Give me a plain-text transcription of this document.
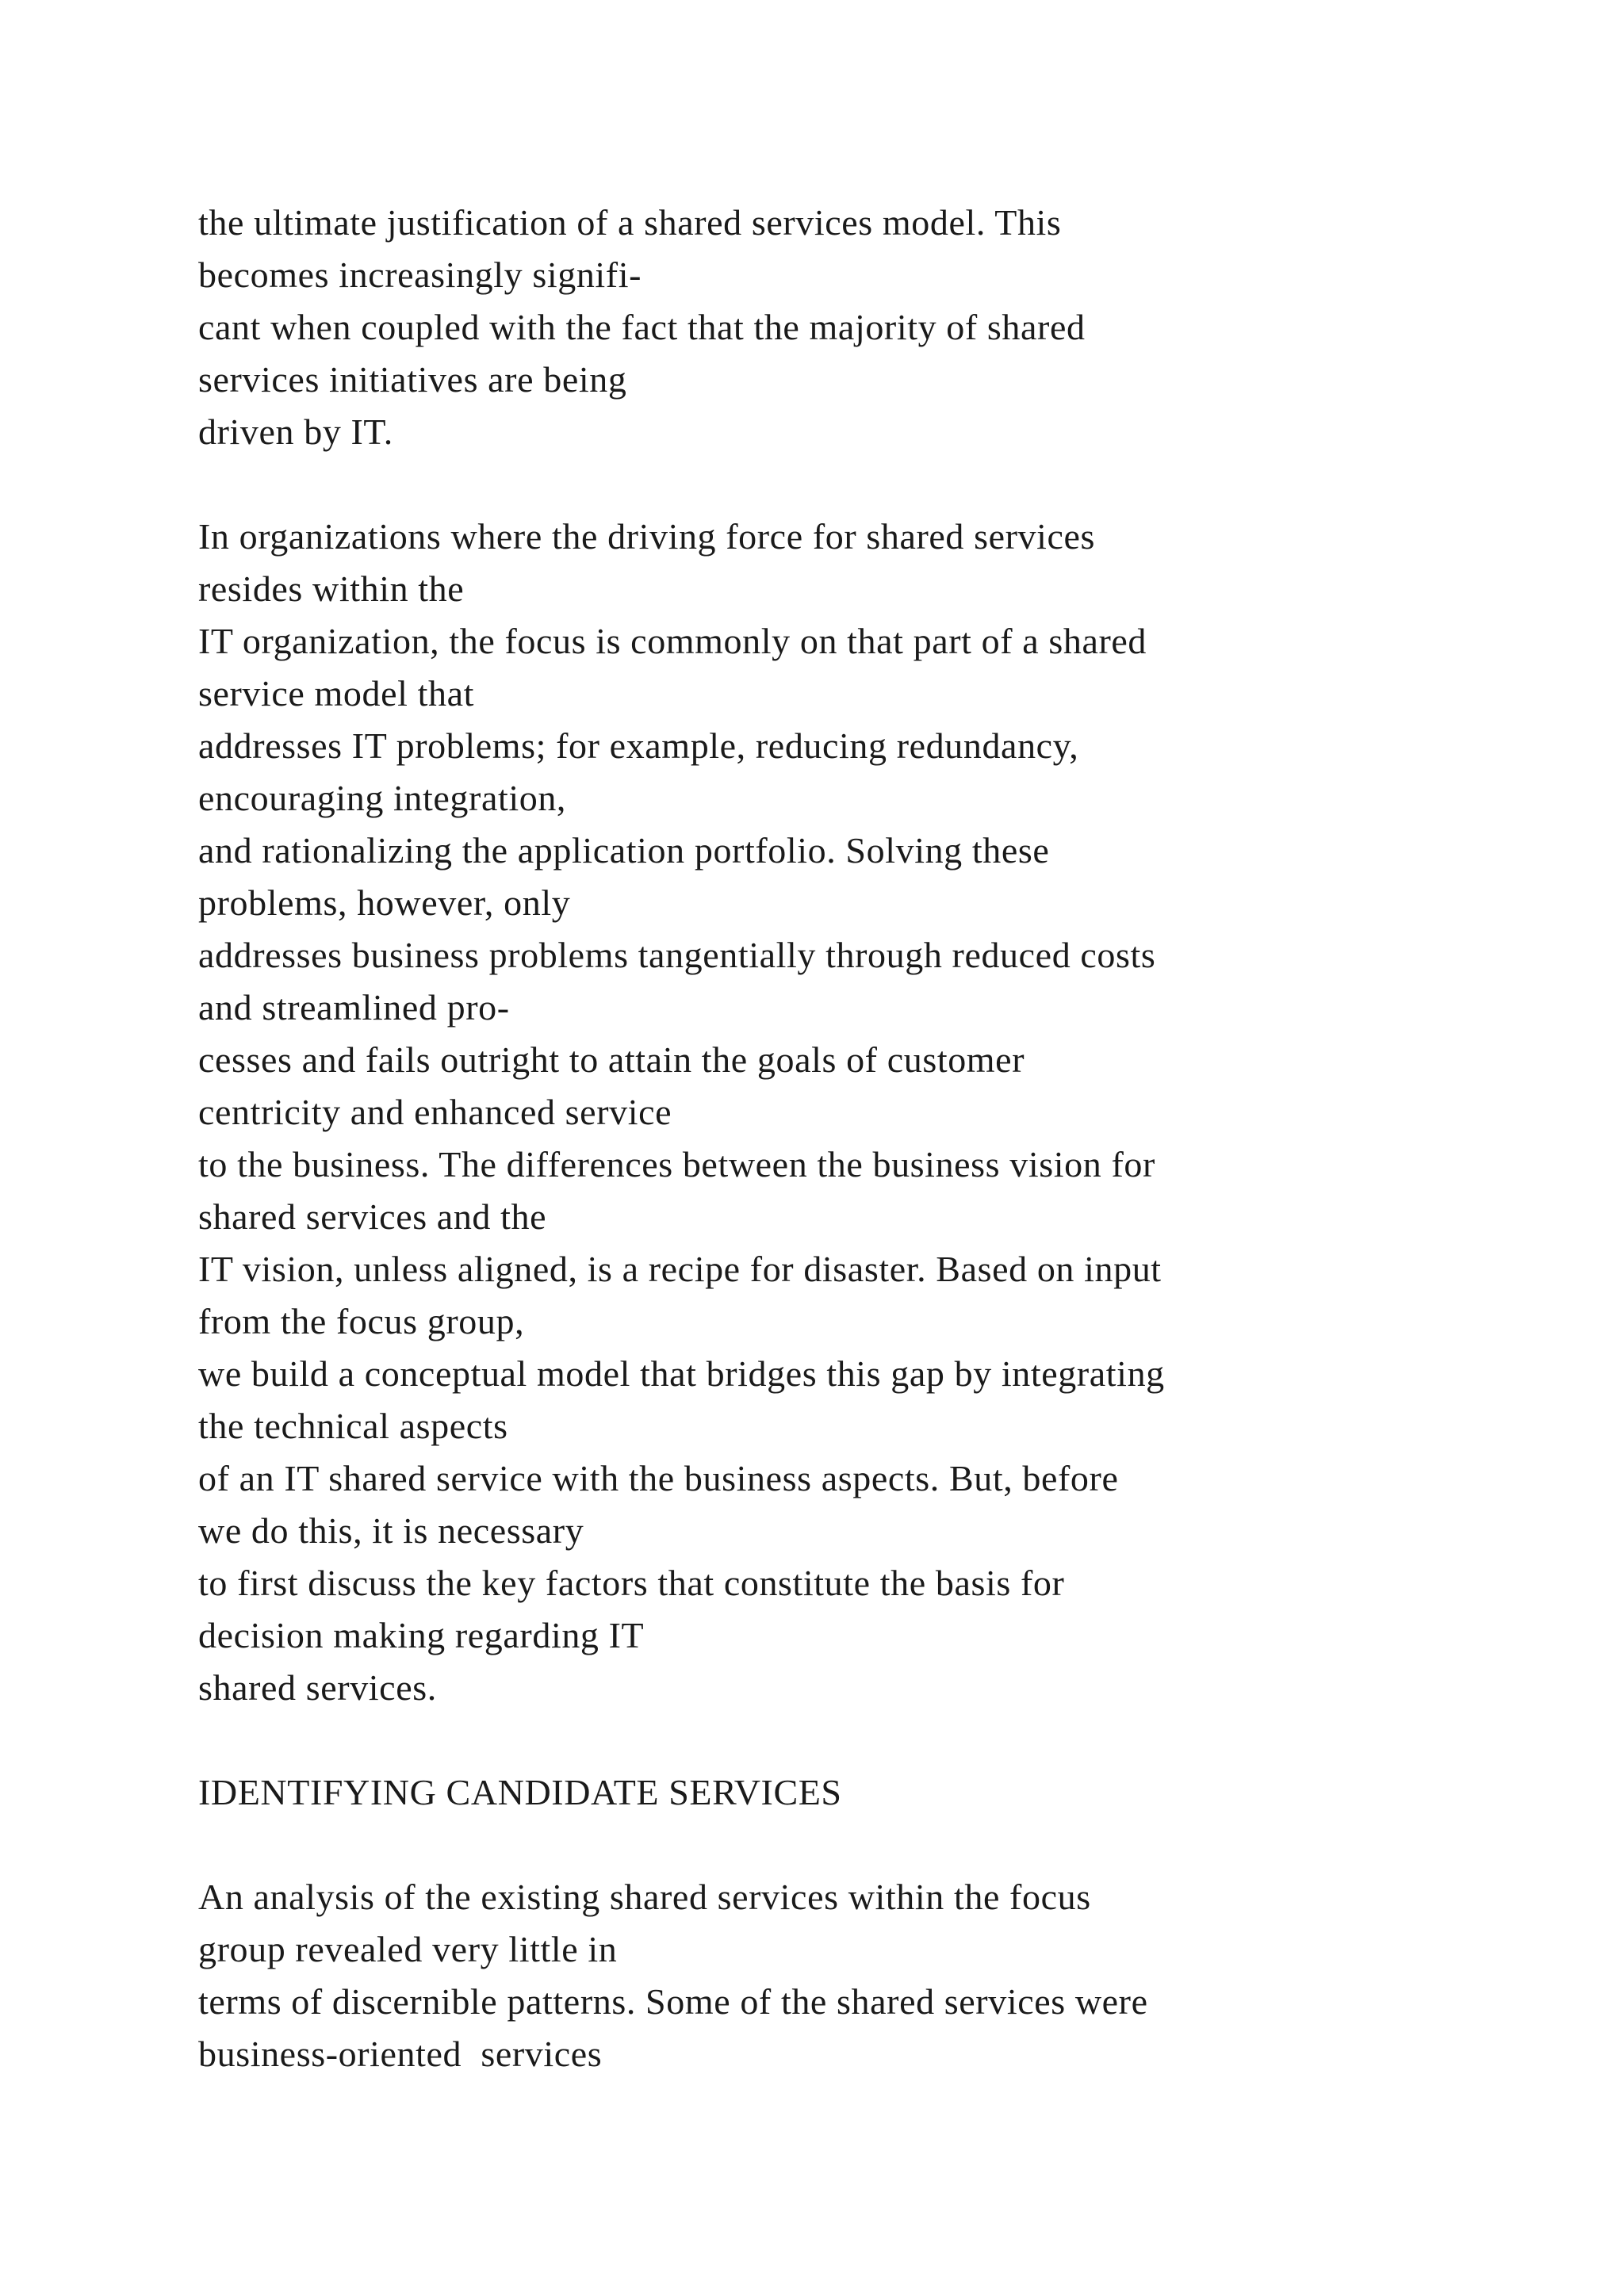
the ultimate justification of a shared services model. This
becomes increasingly signifi-
cant when coupled with the fact that the majority of shared
services initiatives are being
driven by IT.
In organizations where the driving force for shared services
resides within the
IT organization, the focus is commonly on that part of a shared
service model that
addresses IT problems; for example, reducing redundancy,
encouraging integration,
and rationalizing the application portfolio. Solving these
problems, however, only
addresses business problems tangentially through reduced costs
and streamlined pro-
cesses and fails outright to attain the goals of customer
centricity and enhanced service
to the business. The differences between the business vision for
shared services and the
IT vision, unless aligned, is a recipe for disaster. Based on input
from the focus group,
we build a conceptual model that bridges this gap by integrating
the technical aspects
of an IT shared service with the business aspects. But, before
we do this, it is necessary
to first discuss the key factors that constitute the basis for
decision making regarding IT
shared services.
IDENTIFYING CANDIDATE SERVICES
An analysis of the existing shared services within the focus
group revealed very little in
terms of discernible patterns. Some of the shared services were
business-oriented  services
